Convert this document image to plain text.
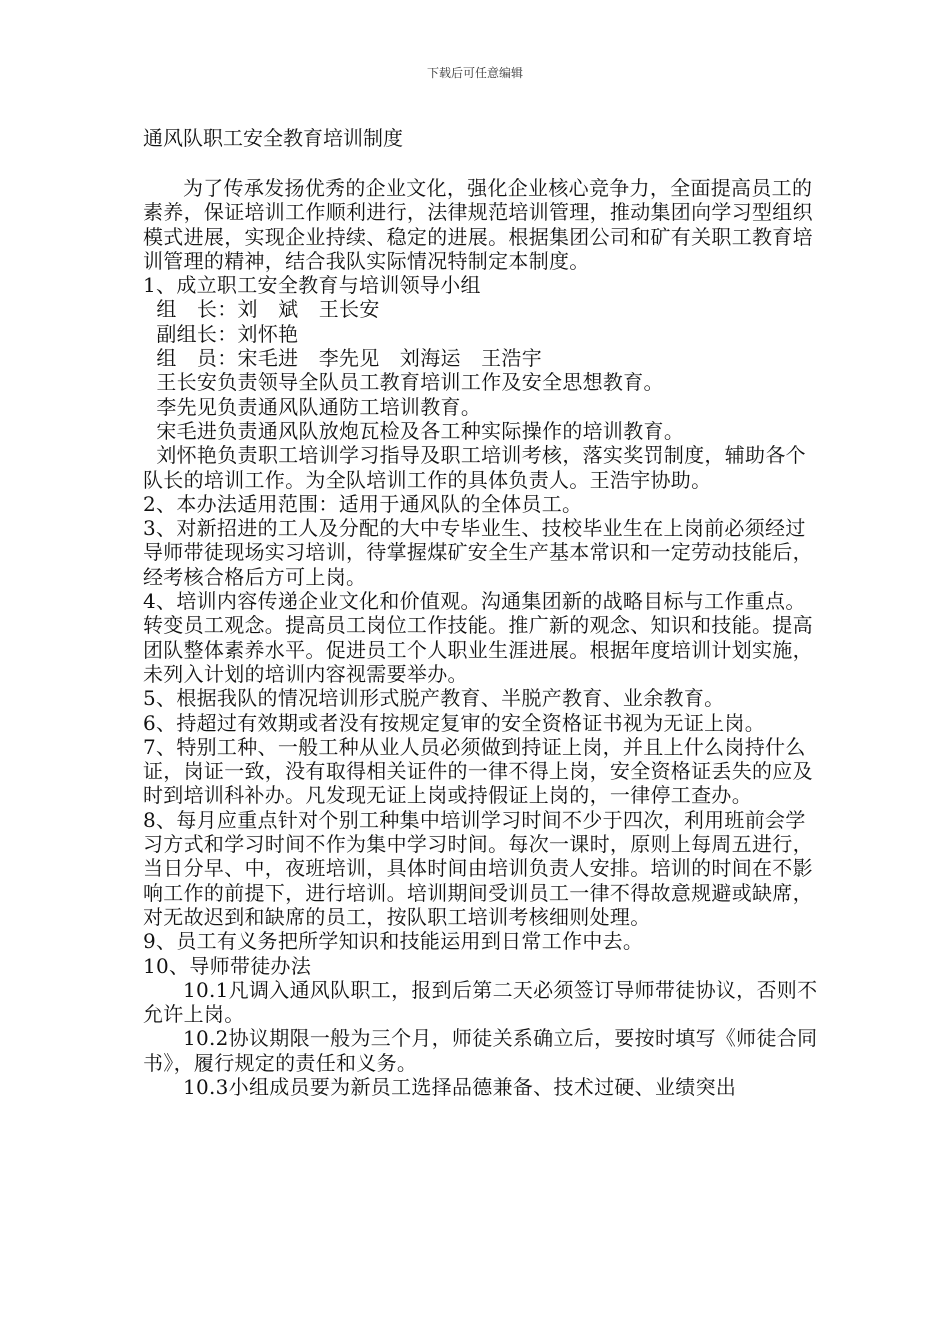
下载后可任意编辑
通风队职工安全教育培训制度

为了传承发扬优秀的企业文化，强化企业核心竞争力，全面提高员工的素养，保证培训工作顺利进行，法律规范培训管理，推动集团向学习型组织模式进展，实现企业持续、稳定的进展。根据集团公司和矿有关职工教育培训管理的精神，结合我队实际情况特制定本制度。

1、成立职工安全教育与培训领导小组

组　长：刘　斌　王长安

副组长：刘怀艳

组　员：宋毛进　李先见　刘海运　王浩宇

王长安负责领导全队员工教育培训工作及安全思想教育。

李先见负责通风队通防工培训教育。

宋毛进负责通风队放炮瓦检及各工种实际操作的培训教育。

刘怀艳负责职工培训学习指导及职工培训考核，落实奖罚制度，辅助各个队长的培训工作。为全队培训工作的具体负责人。王浩宇协助。

2、本办法适用范围：适用于通风队的全体员工。

3、对新招进的工人及分配的大中专毕业生、技校毕业生在上岗前必须经过导师带徒现场实习培训，待掌握煤矿安全生产基本常识和一定劳动技能后，经考核合格后方可上岗。

4、培训内容传递企业文化和价值观。沟通集团新的战略目标与工作重点。转变员工观念。提高员工岗位工作技能。推广新的观念、知识和技能。提高团队整体素养水平。促进员工个人职业生涯进展。根据年度培训计划实施，未列入计划的培训内容视需要举办。

5、根据我队的情况培训形式脱产教育、半脱产教育、业余教育。

6、持超过有效期或者没有按规定复审的安全资格证书视为无证上岗。

7、特别工种、一般工种从业人员必须做到持证上岗，并且上什么岗持什么证，岗证一致，没有取得相关证件的一律不得上岗，安全资格证丢失的应及时到培训科补办。凡发现无证上岗或持假证上岗的，一律停工查办。

8、每月应重点针对个别工种集中培训学习时间不少于四次，利用班前会学习方式和学习时间不作为集中学习时间。每次一课时，原则上每周五进行，当日分早、中，夜班培训，具体时间由培训负责人安排。培训的时间在不影响工作的前提下，进行培训。培训期间受训员工一律不得故意规避或缺席，对无故迟到和缺席的员工，按队职工培训考核细则处理。

9、员工有义务把所学知识和技能运用到日常工作中去。

10、导师带徒办法

10.1凡调入通风队职工，报到后第二天必须签订导师带徒协议，否则不允许上岗。

10.2协议期限一般为三个月，师徒关系确立后，要按时填写《师徒合同书》，履行规定的责任和义务。

10.3小组成员要为新员工选择品德兼备、技术过硬、业绩突出
